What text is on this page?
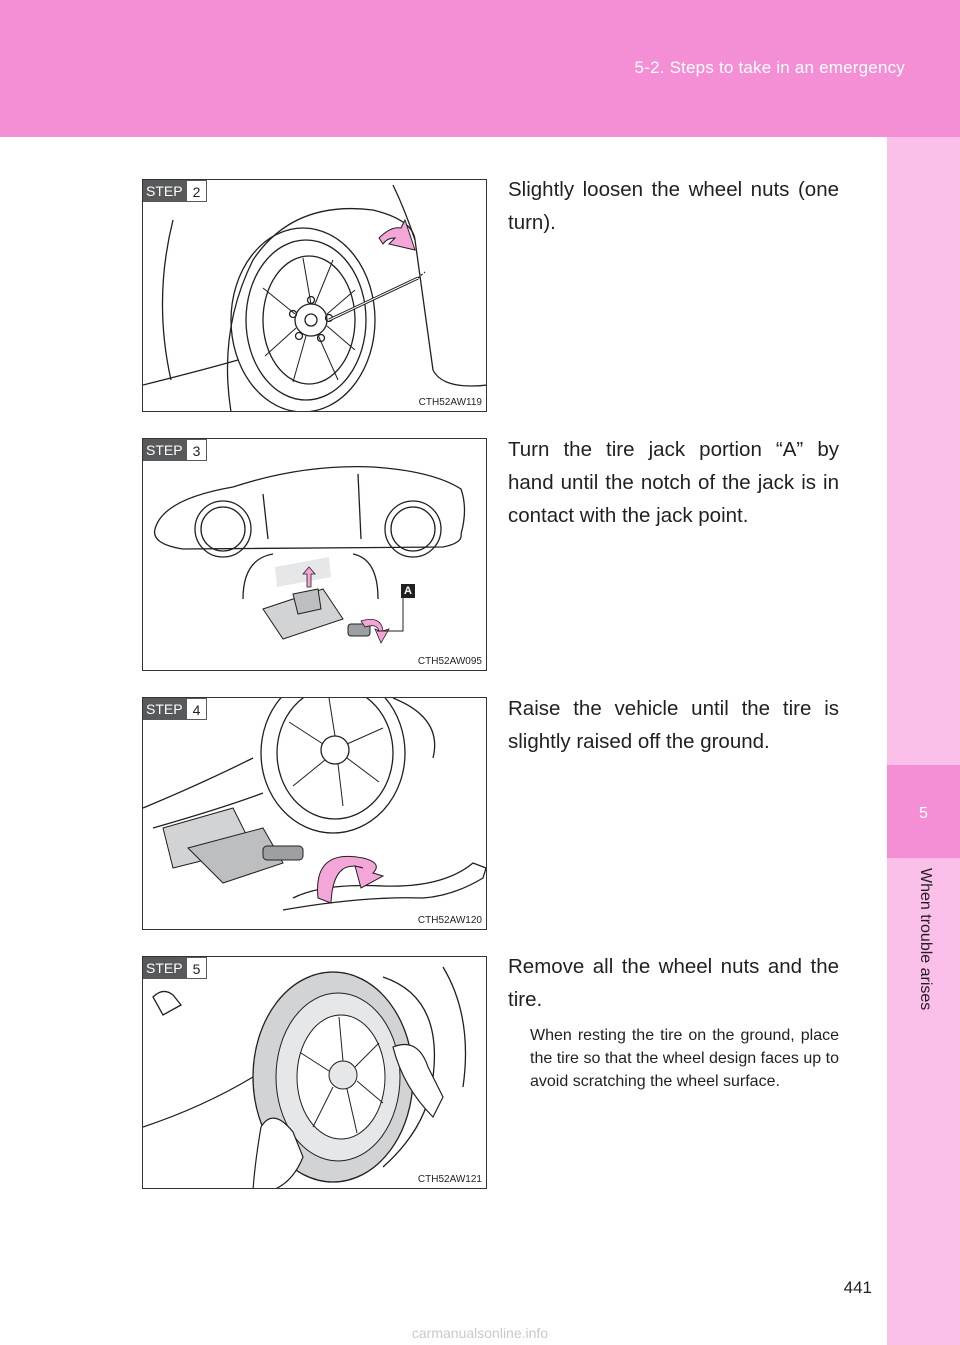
5-2. Steps to take in an emergency
5
When trouble arises
STEP 2
CTH52AW119
Slightly loosen the wheel nuts (one turn).
STEP 3
A
CTH52AW095
Turn the tire jack portion “A” by hand until the notch of the jack is in contact with the jack point.
STEP 4
CTH52AW120
Raise the vehicle until the tire is slightly raised off the ground.
STEP 5
CTH52AW121
Remove all the wheel nuts and the tire.
When resting the tire on the ground, place the tire so that the wheel design faces up to avoid scratching the wheel surface.
441
carmanualsonline.info
